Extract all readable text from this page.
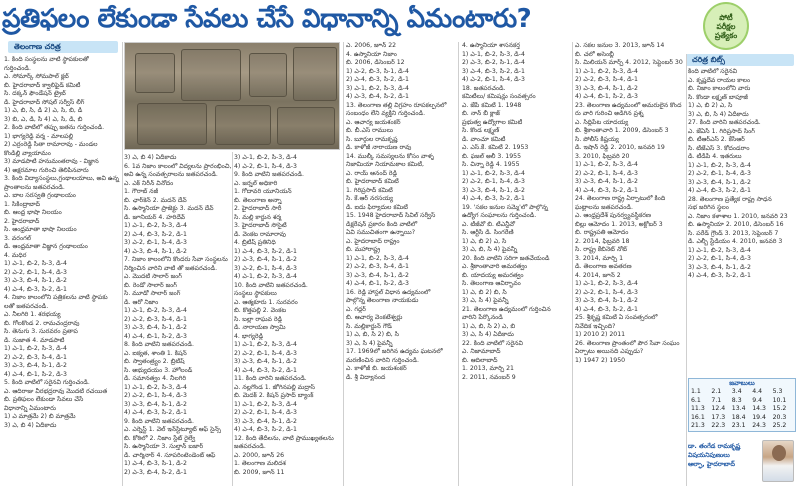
ప్రతిఫలం లేకుండా సేవలు చేసే విధానాన్ని ఏమంటారు?	పోటీ
పరీక్షల
ప్రత్యేకం
తెలంగాణ చరిత్ర
చరిత్ర బిట్స్

1. కింది సంస్థలను వాటి స్థాపకులతో

గుర్తించండి.

ఎ. సోమార్క్ సోమపాల్ క్లబ్

బి. హైదరాబాద్ క్వాలిఫైడ్ కమిటీ

సి. దక్కన్ ఫౌండేషన్ ట్రైబ్

డి. హైదరాబాద్ సోషల్ సర్వీస్ లీగ్

1) ఎ, బి, సి, డి 2) ఎ, సి, బి, డి

3) బి, ఎ, డి, సి 4) ఎ, సి, డి, బి

2. కింది వాటిలో తప్పు జతను గుర్తించండి.

1) భాగ్యరెడ్డి వర్మ - మాలపల్లి

2) ఎర్రంరెడ్డి సీతా రామారావు - మండల

కొండిల్లి వ్యాయామం

3) మాడపాటి హనుమంతరావు - విజ్ఞాన

4) అక్షరమాల గురించి తెలిపినవారు

3. కింది విద్యాసంస్థలు,గ్రంథాలయాలు, అవి ఉన్న

ప్రాంతాలను జతపరచండి.

ఎ. బాల సరస్వతి గ్రంథాలయం

1. సికింద్రాబాద్

బి. ఆంధ్ర భాషా నిలయం

2. హైదరాబాద్

సి. ఆంధ్రమాతా భాషా నిలయం

3. వరంగల్

డి. ఆంధ్రమాతా విజ్ఞాన గ్రంథాలయం

4. మధిర

1) ఎ-1, బి-2, సి-3, డి-4

2) ఎ-2, బి-1, సి-4, డి-3

3) ఎ-3, బి-4, సి-1, డి-2

4) ఎ-4, బి-3, సి-2, డి-1

4. నిజాం కాలంలోని పత్రికలను వాటి స్థాపకు

లతో జతపరచండి.

ఎ. నీలగిరి 1. శరభయ్య

బి. గోలకొండ 2. రామచంద్రరావు

సి. తెనుగు 3. సురవరం ప్రతాప

డి. సుజాత 4. మాడపాటి

1) ఎ-1, బి-2, సి-3, డి-4

2) ఎ-2, బి-3, సి-4, డి-1

3) ఎ-3, బి-4, సి-1, డి-2

4) ఎ-4, బి-1, సి-2, డి-3

5. కింది వాటిలో సరైనవి గుర్తించండి.

ఎ. ఆదిరాజు వీరభద్రరావు మొదటి రచయిత

బి. ప్రతిఫలం లేకుండా సేవలు చేసే

విధానాన్ని ఏమంటారు

1) ఎ మాత్రమే 2) బి మాత్రమే

3) ఎ, బి 4) ఏదీకాదు

3) ఎ, బి 4) ఏదీకాదు

6. 1వ నిజాం కాలంలో విద్యలను ప్రారంభించి,

అవి ఉన్న సంవత్సరాలను జతపరచండి.

ఎ. ఎక్ నిరీన్ వినోదం

1. గౌరాబ్ నజీ

బి. ఛార్‌కెన్ 2. మదన్ దేవ్

సి. ఉస్మానియా ప్రాజెక్టు 3. మదన్ దేవ్

డి. జూనియర్ 4. హరిదేవ్

1) ఎ-1, బి-2, సి-3, డి-4

2) ఎ-4, బి-3, సి-2, డి-1

3) ఎ-2, బి-1, సి-4, డి-3

4) ఎ-3, బి-4, సి-1, డి-2

7. నిజాం కాలంలోని కొందరు సేవా సంస్థలను

నిర్మించిన వారిని వాటి తో జతపరచండి.

ఎ. మొదటి సాలార్ జంగ్

బి. రెండో సాలార్ జంగ్

సి. మూడో సాలార్ జంగ్

డి. ఆరో నిజాం

1) ఎ-1, బి-2, సి-3, డి-4

2) ఎ-2, బి-3, సి-4, డి-1

3) ఎ-3, బి-4, సి-1, డి-2

4) ఎ-4, బి-1, సి-2, డి-3

8. కింది వాటిని జతపరచండి.

ఎ. ఐక్యత, శాంతి 1. కిషన్

బి. స్వాతంత్ర్యం 2. బ్రిటిష్

సి. అభ్యుదయం 3. హోలండ్

డి. సమానత్వం 4. నీలగిరి

1) ఎ-1, బి-2, సి-3, డి-4

2) ఎ-2, బి-1, సి-4, డి-3

3) ఎ-3, బి-4, సి-1, డి-2

4) ఎ-4, బి-3, సి-2, డి-1

9. కింది వాటిని జతపరచండి.

ఎ. ఎర్నెస్ట్ 1. వెల్ ఇన్‌స్టిట్యూట్ ఆఫ్ సైన్స్

బి. కోఠిలో 2. నిజాం స్టేట్ రైల్వే

సి. ఉస్మానియా 3. సుల్తాన్ బజార్

డి. చార్మినార్ 4. సూపరింటెండెంట్ ఆఫ్

1) ఎ-4, బి-3, సి-1, డి-2

2) ఎ-3, బి-4, సి-2, డి-1

3) ఎ-1, బి-2, సి-3, డి-4

4) ఎ-2, బి-1, సి-4, డి-3

9. కింది వాటిని జతపరచండి.

ఎ. జర్నల్ అధికారి

1. గోదావరి యూనియన్

బి. తెలంగాణ అన్నా

2. హైదరాబాద్ సారీ

సి. మల్లి కార్జున శర్మ

3. హైదరాబాద్ సొసైటీ

డి. వెంకట రామారావు

4. బ్రిటిష్ ప్రతినిధి

1) ఎ-4, బి-3, సి-2, డి-1

2) ఎ-3, బి-4, సి-1, డి-2

3) ఎ-2, బి-1, సి-4, డి-3

4) ఎ-1, బి-2, సి-3, డి-4

10. కింది వాటిని జతపరచండి.

సంస్థలు స్థాపకులు

ఎ. ఆత్మకూరు 1. సురవరం

బి. కొత్తపల్లి 2. వెంకట

సి. బల్లా రాఘవ రెడ్డి

డి. నారాయణ స్వామి

4. భాగ్యరెడ్డి

1) ఎ-1, బి-2, సి-3, డి-4

2) ఎ-2, బి-1, సి-4, డి-3

3) ఎ-3, బి-4, సి-1, డి-2

4) ఎ-4, బి-3, సి-2, డి-1

11. కింది వారిని జతపరచండి.

ఎ. నల్లగొండ 1. జోగినపల్లి మద్రాస్

బి. మెదక్ 2. కిషన్ ప్రసాద్ బ్యాంక్

1) ఎ-1, బి-2, సి-3, డి-4

2) ఎ-2, బి-1, సి-4, డి-3

3) ఎ-3, బి-4, సి-1, డి-2

4) ఎ-4, బి-3, సి-2, డి-1

12. కింది తేదీలను, వాటి ప్రాముఖ్యతలను

జతపరచండి.

ఎ. 2000, జూన్ 26

1. తెలంగాణ మలిదశ

బి. 2009, జూన్ 11

ఎ. 2006, జూన్ 22

4. ఉస్మానియా నిజాం

బి. 2006, డిసెంబర్ 12

1) ఎ-2, బి-3, సి-1, డి-4

2) ఎ-4, బి-3, సి-2, డి-1

3) ఎ-1, బి-2, సి-3, డి-4

4) ఎ-3, బి-4, సి-2, డి-1

13. తెలంగాణ తల్లి విగ్రహం రూపకల్పనలో

సంబంధం లేని వ్యక్తిని గుర్తించండి.

ఎ. ఆచార్య జయశంకర్

బి. బీ.ఎస్ రాములు

సి. బూర్గుల రామకృష్ణ

డి. కాళోజీ నారాయణ రావు

14. ముల్కీ సమస్యలను కోసం వాళ్ళ

నిజామియా నియామకాల కమిటీ,

ఎ. రాయ్ ఆనంద్ రెడ్డి

బి. హైదరాబాద్ కమిటీ

1. గిరిప్రసాద్ కమిటీ

సి. కే.ఆర్ నరసయ్య

డి. ఐదు ఫిర్యాదుల కమిటీ

15. 1948 హైదరాబాద్ సివిల్ సర్వీస్

డిక్లరేషన్ ప్రకారం కింది వాటిలో

ఏవి సముచితంగా ఉన్నాయి?

ఎ. హైదరాబాద్ రాష్ట్రం

బి. మహారాష్ట్ర

1) ఎ-1, బి-2, సి-3, డి-4

2) ఎ-2, బి-3, సి-4, డి-1

3) ఎ-3, బి-4, సి-1, డి-2

4) ఎ-4, బి-1, సి-2, డి-3

16. రెడ్డి హాస్టల్ విధాన ఉద్యమంలో

పాల్గొన్న తెలంగాణ నాయకుడు

ఎ. గద్దర్

బి. ఆచార్య వెంకటేశ్వర్లు

సి. మల్లికార్జున్ గౌడ్

1) ఎ, బి, సి 2) బి, సి

3) ఎ, సి 4) పైవన్నీ

17. 1969లో జరిగిన ఉద్యమ ఘటనలో

మరణించిన వారిని గుర్తించండి.

ఎ. కాళోజీ బి. జయశంకర్

డి. శ్రీ విద్యానంద

4. ఉస్మానియా శాసనకర్త

1) ఎ-1, బి-2, సి-3, డి-4

2) ఎ-3, బి-2, సి-1, డి-4

3) ఎ-4, బి-3, సి-2, డి-1

4) ఎ-2, బి-1, సి-4, డి-3

18. జతపరచండి.

కమిటీలు/ కమిషన్లు సంవత్సరం

ఎ. జేపీ కమిటీ 1. 1948

బి. నాన్ బీ క్లాజ్

ప్రభుత్వ ఉద్యోగాల కమిటీ

సి. కొండ లక్ష్మణ్

డి. వాంచూ కమిటీ

ఎ. ఎస్.కే. కమిటీ 2. 1953

బి. ఫజల్ అలీ 3. 1955

సి. చిన్నా రెడ్డి 4. 1955

1) ఎ-1, బి-2, సి-3, డి-4

2) ఎ-2, బి-1, సి-4, డి-3

3) ఎ-3, బి-4, సి-1, డి-2

4) ఎ-4, బి-3, సి-2, డి-1

19. 'సకల జనుల సమ్మె'లో పాల్గొన్న

ఉద్యోగ సంఘాలను గుర్తించండి.

ఎ. టీజీవో బి. టీఎన్జీవో

సి. ఆర్టీసీ డి. సింగరేణి

1) ఎ, బి 2) ఎ, సి

3) ఎ, బి, సి 4) పైవన్నీ

20. కింది వాటిని సరిగా జతచేయండి

ఎ. శ్రీకాంతాచారి అమరత్వం

బి. యాదయ్య అమరత్వం

సి. తెలంగాణ ఆవిర్భావం

1) ఎ, బి 2) బి, సి

3) ఎ, సి 4) పైవన్నీ

21. తెలంగాణ ఉద్యమంలో గుర్తించిన

వారిని పేర్కొనండి

1) ఎ, బి, సి 2) ఎ, బి

3) ఎ, సి 4) ఏదీకాదు

22. కింది వాటిలో సరైనవి

ఎ. నిజామాబాద్

బి. ఆదిలాబాద్

1. 2013, మార్చి 21

2. 2011, నవంబర్ 9

ఎ. సకల జనుల 3. 2013, జూన్ 14

బి. చలో అసెంబ్లీ

సి. మిలియన్ మార్చ్ 4. 2012, సెప్టెంబర్ 30

1) ఎ-1, బి-2, సి-3, డి-4

2) ఎ-2, బి-3, సి-4, డి-1

3) ఎ-3, బి-4, సి-1, డి-2

4) ఎ-4, బి-1, సి-2, డి-3

23. తెలంగాణ ఉద్యమంలో అమరులైన కొంద

రు వారి గురించి అడిగిన ప్రశ్న

ఎ. సిద్దిపేట యాదయ్య

బి. శ్రీకాంతాచారి 1. 2009, డిసెంబర్ 3

సి. పోలీస్ కిష్టయ్య

డి. ఇషాన్ రెడ్డి 2. 2010, జనవరి 19

3. 2010, ఫిబ్రవరి 20

1) ఎ-1, బి-2, సి-3, డి-4

2) ఎ-2, బి-1, సి-4, డి-3

3) ఎ-3, బి-4, సి-1, డి-2

4) ఎ-4, బి-3, సి-2, డి-1

24. తెలంగాణ రాష్ట్ర ఏర్పాటులో కింది

ఘట్టాలను జతపరచండి.

ఎ. ఆంధ్రప్రదేశ్ పునర్వ్యవస్థీకరణ

బిల్లు ఆమోదం 1. 2013, అక్టోబర్ 3

బి. రాష్ట్రపతి ఆమోదం

2. 2014, ఫిబ్రవరి 18

సి. రాష్ట్ర కేబినెట్ నోట్

3. 2014, మార్చి 1

డి. తెలంగాణ అవతరణ

4. 2014, జూన్ 2

1) ఎ-1, బి-2, సి-3, డి-4

2) ఎ-2, బి-1, సి-4, డి-3

3) ఎ-3, బి-4, సి-1, డి-2

4) ఎ-4, బి-3, సి-2, డి-1

25. శ్రీకృష్ణ కమిటీ ఏ సంవత్సరంలో

నివేదిక ఇచ్చింది?

1) 2010 2) 2011

26. తెలంగాణ ప్రాంతంలో పౌర సేవా సంఘం

ఏర్పాటు అయినది ఎప్పుడు?

1) 1947 2) 1950

కింది వాటిలో సరైనవి

ఎ. కృష్ణదేవ రాయల కాలం

బి. నిజాం కాలంలోని వారు

సి. కొండా లక్ష్మణ్ బాపూజీ

1) ఎ, బి 2) ఎ, సి

3) ఎ, బి, సి 4) ఏదీకాదు

27. కింది వారిని జతపరచండి.

ఎ. జేఏసీ 1. గిరిప్రసాద్ సింగ్

బి. టీఆర్ఎస్ 2. కేసీఆర్

సి. టీజేఎస్ 3. కోదండరాం

డి. టీడీపీ 4. ఇతరులు

1) ఎ-1, బి-2, సి-3, డి-4

2) ఎ-2, బి-1, సి-4, డి-3

3) ఎ-3, బి-4, సి-1, డి-2

4) ఎ-4, బి-3, సి-2, డి-1

28. తెలంగాణ ప్రత్యేక రాష్ట్ర సాధన

సభ జరిగిన స్థలం

ఎ. నిజాం కళాశాల 1. 2010, జనవరి 23

బి. ఉస్మానియా 2. 2010, డిసెంబర్ 16

సి. పరేడ్ గ్రౌండ్ 3. 2013, సెప్టెంబర్ 7

డి. ఎల్బీ స్టేడియం 4. 2010, జనవరి 3

1) ఎ-1, బి-2, సి-3, డి-4

2) ఎ-2, బి-1, సి-4, డి-3

3) ఎ-3, బి-4, సి-1, డి-2

4) ఎ-4, బి-3, సి-2, డి-1

జవాబులు
1.1	2.1	3.4	4.4	5.3
6.1	7.1	8.3	9.4	10.1
11.3	12.4	13.4	14.3	15.2
16.1	17.3	18.4	19.4	20.3
21.3	22.3	23.1	24.3	25.2
డా. తంగేడ రామకృష్ణ
విషయనిపుణులు
ఆల్ఫా, హైదరాబాద్
